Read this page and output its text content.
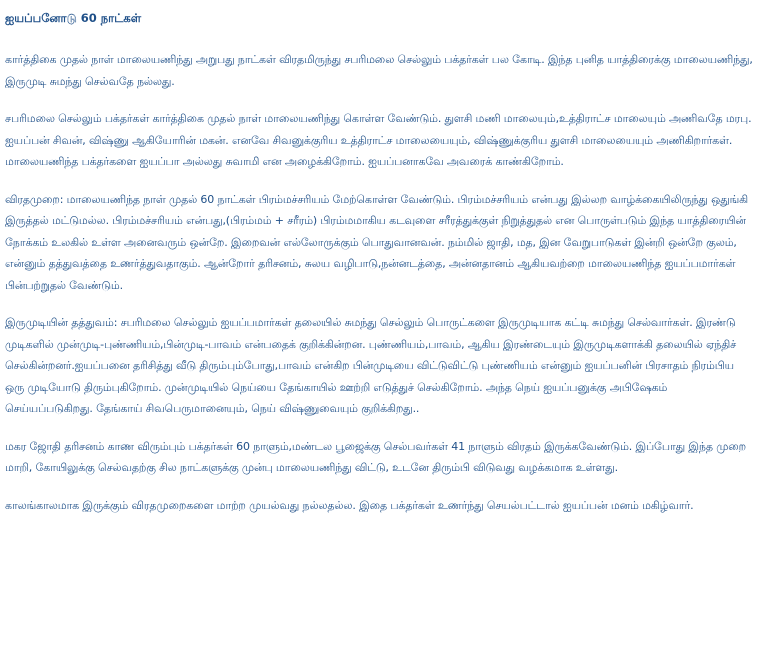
ஐயப்பனோடு 60 நாட்கள்

கார்த்திகை முதல் நாள் மாலையணிந்து அறுபது நாட்கள் விரதமிருந்து சபரிமலை செல்லும் பக்தர்கள் பல கோடி. இந்த புனித யாத்திரைக்கு மாலையணிந்து, இருமுடி சுமந்து செல்வதே நல்லது.

சபரிமலை செல்லும் பக்தர்கள் கார்த்திகை முதல் நாள் மாலையணிந்து கொள்ள வேண்டும். துளசி மணி மாலையும்,உத்திராட்ச மாலையும் அணிவதே மரபு. ஐயப்பன் சிவன், விஷ்ணு ஆகியோரின் மகன். எனவே சிவனுக்குரிய உத்திராட்ச மாலையையும், விஷ்ணுக்குரிய துளசி மாலையையும் அணிகிறார்கள். மாலையணிந்த பக்தர்களை ஐயப்பா அல்லது சுவாமி என அழைக்கிறோம். ஐயப்பனாகவே அவரைக் காண்கிறோம்.

விரதமுறை: மாலையணிந்த நாள் முதல் 60 நாட்கள் பிரம்மச்சரியம் மேற்கொள்ள வேண்டும். பிரம்மச்சரியம் என்பது இல்லற வாழ்க்கையிலிருந்து ஒதுங்கி இருத்தல் மட்டுமல்ல. பிரம்மச்சரியம் என்பது,(பிரம்மம் + சரீரம்) பிரம்மமாகிய கடவுளை சரீரத்துக்குள் நிறுத்துதல் என பொருள்படும் இந்த யாத்திரையின் நோக்கம் உலகில் உள்ள அனைவரும் ஒன்றே. இறைவன் எல்லோருக்கும் பொதுவானவன். நம்மில் ஜாதி, மத, இன வேறுபாடுகள் இன்றி ஒன்றே குலம், என்னும் தத்துவத்தை உணர்த்துவதாகும். ஆன்றோர் தரிசனம், சுலய வழிபாடு,நன்னடத்தை, அன்னதானம் ஆகியவற்றை மாலையணிந்த ஐயப்பமார்கள் பின்பற்றுதல் வேண்டும்.

இருமுடியின் தத்துவம்: சபரிமலை செல்லும் ஐயப்பமார்கள் தலையில் சுமந்து செல்லும் பொருட்களை இருமுடியாக கட்டி சுமந்து செல்வார்கள். இரண்டு முடிகளில் முன்முடி-புண்ணியம்,பின்முடி-பாவம் என்பதைக் குறிக்கின்றன. புண்ணியம்,பாவம், ஆகிய இரண்டையும் இருமுடிகளாக்கி தலையில் ஏந்திச் செல்கின்றனர்.ஐயப்பனை தரிசித்து வீடு திரும்பும்போது,பாவம் என்கிற பின்முடியை விட்டுவிட்டு புண்ணியம் என்னும் ஐயப்பனின் பிரசாதம் நிரம்பிய ஒரு முடியோடு திரும்புகிறோம். முன்முடியில் நெய்யை தேங்காயில் ஊற்றி எடுத்துச் செல்கிறோம். அந்த நெய் ஐயப்பனுக்கு அபிஷேகம் செய்யப்படுகிறது. தேங்காய் சிவபெருமானையும், நெய் விஷ்ணுவையும் குறிக்கிறது..

மகர ஜோதி தரிசனம் காண விரும்பும் பக்தர்கள் 60 நாளும்,மண்டல பூஜைக்கு செல்பவர்கள் 41 நாளும் விரதம் இருக்கவேண்டும். இப்போது இந்த முறை மாறி, கோயிலுக்கு செல்வதற்கு சில நாட்களுக்கு முன்பு மாலையணிந்து விட்டு, உடனே திரும்பி விடுவது வழக்கமாக உள்ளது.

காலங்காலமாக இருக்கும் விரதமுறைகளை மாற்ற முயல்வது நல்லதல்ல. இதை பக்தர்கள் உணர்ந்து செயல்பட்டால் ஐயப்பன் மனம் மகிழ்வார்.
